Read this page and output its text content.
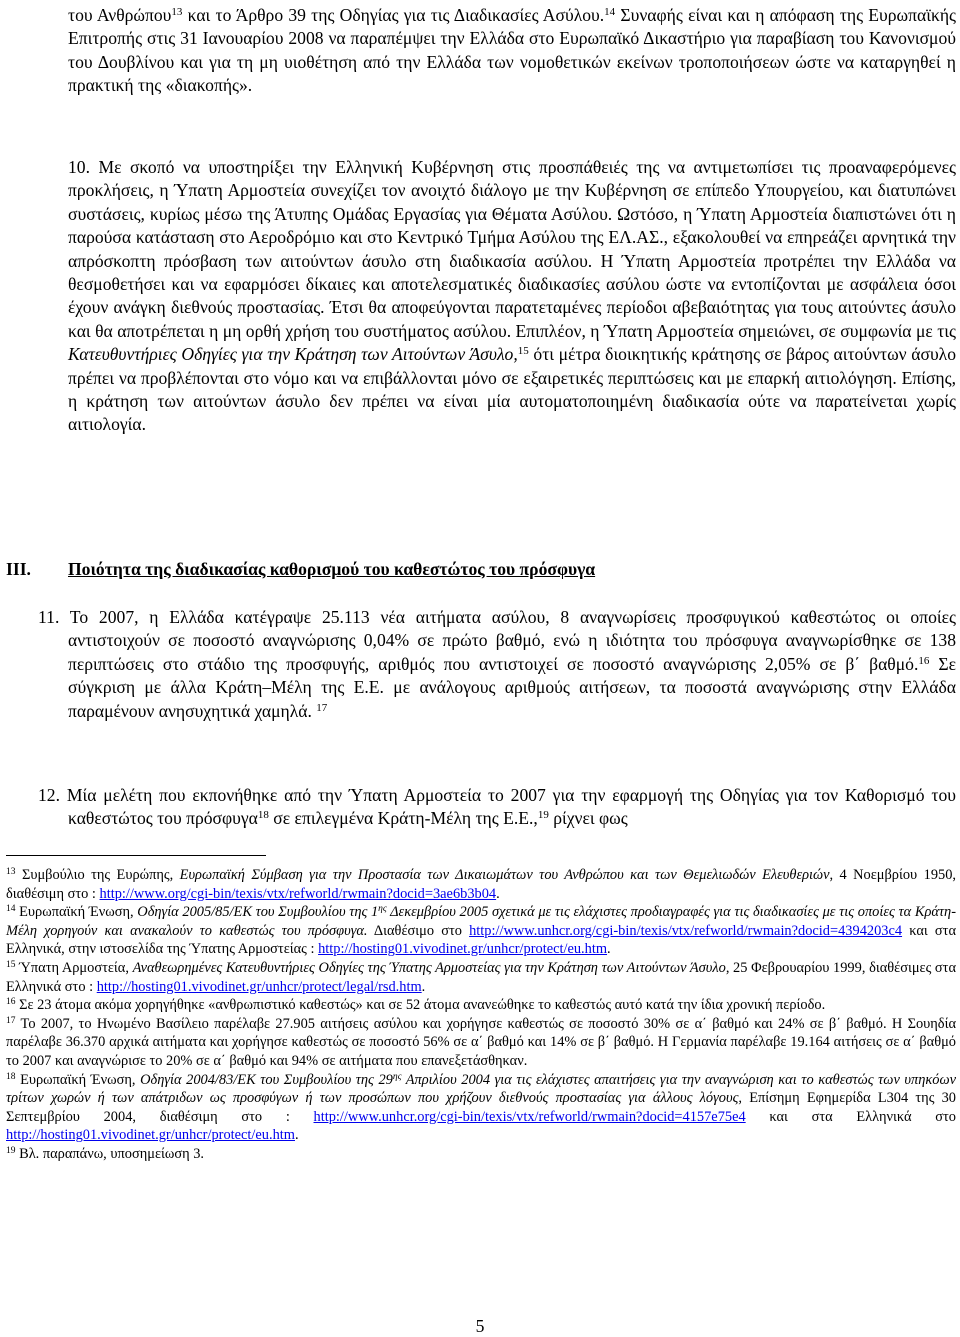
του Ανθρώπου$^{13}$ και το Άρθρο 39 της Οδηγίας για τις Διαδικασίες Ασύλου.$^{14}$ Συναφής είναι και η απόφαση της Ευρωπαϊκής Επιτροπής στις 31 Ιανουαρίου 2008 να παραπέμψει την Ελλάδα στο Ευρωπαϊκό Δικαστήριο για παραβίαση του Κανονισμού του Δουβλίνου και για τη μη υιοθέτηση από την Ελλάδα των νομοθετικών εκείνων τροποποιήσεων ώστε να καταργηθεί η πρακτική της «διακοπής».

10. Με σκοπό να υποστηρίξει την Ελληνική Κυβέρνηση στις προσπάθειές της να αντιμετωπίσει τις προαναφερόμενες προκλήσεις, η Ύπατη Αρμοστεία συνεχίζει τον ανοιχτό διάλογο με την Κυβέρνηση σε επίπεδο Υπουργείου, και διατυπώνει συστάσεις, κυρίως μέσω της Άτυπης Ομάδας Εργασίας για Θέματα Ασύλου. Ωστόσο, η Ύπατη Αρμοστεία διαπιστώνει ότι η παρούσα κατάσταση στο Αεροδρόμιο και στο Κεντρικό Τμήμα Ασύλου της ΕΛ.ΑΣ., εξακολουθεί να επηρεάζει αρνητικά την απρόσκοπτη πρόσβαση των αιτούντων άσυλο στη διαδικασία ασύλου. Η Ύπατη Αρμοστεία προτρέπει την Ελλάδα να θεσμοθετήσει και να εφαρμόσει δίκαιες και αποτελεσματικές διαδικασίες ασύλου ώστε να εντοπίζονται με ασφάλεια όσοι έχουν ανάγκη διεθνούς προστασίας. Έτσι θα αποφεύγονται παρατεταμένες περίοδοι αβεβαιότητας για τους αιτούντες άσυλο και θα αποτρέπεται η μη ορθή χρήση του συστήματος ασύλου. Επιπλέον, η Ύπατη Αρμοστεία σημειώνει, σε συμφωνία με τις Κατευθυντήριες Οδηγίες για την Κράτηση των Αιτούντων Άσυλο,$^{15}$ ότι μέτρα διοικητικής κράτησης σε βάρος αιτούντων άσυλο πρέπει να προβλέπονται στο νόμο και να επιβάλλονται μόνο σε εξαιρετικές περιπτώσεις και με επαρκή αιτιολόγηση. Επίσης, η κράτηση των αιτούντων άσυλο δεν πρέπει να είναι μία αυτοματοποιημένη διαδικασία ούτε να παρατείνεται χωρίς αιτιολογία.

III. Ποιότητα της διαδικασίας καθορισμού του καθεστώτος του πρόσφυγα

11. Το 2007, η Ελλάδα κατέγραψε 25.113 νέα αιτήματα ασύλου, 8 αναγνωρίσεις προσφυγικού καθεστώτος οι οποίες αντιστοιχούν σε ποσοστό αναγνώρισης 0,04% σε πρώτο βαθμό, ενώ η ιδιότητα του πρόσφυγα αναγνωρίσθηκε σε 138 περιπτώσεις στο στάδιο της προσφυγής, αριθμός που αντιστοιχεί σε ποσοστό αναγνώρισης 2,05% σε β΄ βαθμό.$^{16}$ Σε σύγκριση με άλλα Κράτη–Μέλη της Ε.Ε. με ανάλογους αριθμούς αιτήσεων, τα ποσοστά αναγνώρισης στην Ελλάδα παραμένουν ανησυχητικά χαμηλά. $^{17}$

12. Μία μελέτη που εκπονήθηκε από την Ύπατη Αρμοστεία το 2007 για την εφαρμογή της Οδηγίας για τον Καθορισμό του καθεστώτος του πρόσφυγα$^{18}$ σε επιλεγμένα Κράτη-Μέλη της Ε.Ε.,$^{19}$ ρίχνει φως

$^{13}$ Συμβούλιο της Ευρώπης, Ευρωπαϊκή Σύμβαση για την Προστασία των Δικαιωμάτων του Ανθρώπου και των Θεμελιωδών Ελευθεριών, 4 Νοεμβρίου 1950, διαθέσιμη στο : http://www.org/cgi-bin/texis/vtx/refworld/rwmain?docid=3ae6b3b04.

$^{14}$ Ευρωπαϊκή Ένωση, Οδηγία 2005/85/ΕΚ του Συμβουλίου της $1^{\eta\varsigma}$ Δεκεμβρίου 2005 σχετικά με τις ελάχιστες προδιαγραφές για τις διαδικασίες με τις οποίες τα Κράτη-Μέλη χορηγούν και ανακαλούν το καθεστώς του πρόσφυγα. Διαθέσιμο στο http://www.unhcr.org/cgi-bin/texis/vtx/refworld/rwmain?docid=4394203c4 και στα Ελληνικά, στην ιστοσελίδα της Ύπατης Αρμοστείας : http://hosting01.vivodinet.gr/unhcr/protect/eu.htm.

$^{15}$ Ύπατη Αρμοστεία, Αναθεωρημένες Κατευθυντήριες Οδηγίες της Ύπατης Αρμοστείας για την Κράτηση των Αιτούντων Άσυλο, 25 Φεβρουαρίου 1999, διαθέσιμες στα Ελληνικά στο : http://hosting01.vivodinet.gr/unhcr/protect/legal/rsd.htm.

$^{16}$ Σε 23 άτομα ακόμα χορηγήθηκε «ανθρωπιστικό καθεστώς» και σε 52 άτομα ανανεώθηκε το καθεστώς αυτό κατά την ίδια χρονική περίοδο.

$^{17}$ Το 2007, το Ηνωμένο Βασίλειο παρέλαβε 27.905 αιτήσεις ασύλου και χορήγησε καθεστώς σε ποσοστό 30% σε α΄ βαθμό και 24% σε β΄ βαθμό. Η Σουηδία παρέλαβε 36.370 αρχικά αιτήματα και χορήγησε καθεστώς σε ποσοστό 56% σε α΄ βαθμό και 14% σε β΄ βαθμό. Η Γερμανία παρέλαβε 19.164 αιτήσεις σε α΄ βαθμό το 2007 και αναγνώρισε το 20% σε α΄ βαθμό και 94% σε αιτήματα που επανεξετάσθηκαν.

$^{18}$ Ευρωπαϊκή Ένωση, Οδηγία 2004/83/ΕΚ του Συμβουλίου της $29^{\eta\varsigma}$ Απριλίου 2004 για τις ελάχιστες απαιτήσεις για την αναγνώριση και το καθεστώς των υπηκόων τρίτων χωρών ή των απάτριδων ως προσφύγων ή των προσώπων που χρήζουν διεθνούς προστασίας για άλλους λόγους, Επίσημη Εφημερίδα L304 της 30 Σεπτεμβρίου 2004, διαθέσιμη στο : http://www.unhcr.org/cgi-bin/texis/vtx/refworld/rwmain?docid=4157e75e4 και στα Ελληνικά στο http://hosting01.vivodinet.gr/unhcr/protect/eu.htm.

$^{19}$ Βλ. παραπάνω, υποσημείωση 3.

5
